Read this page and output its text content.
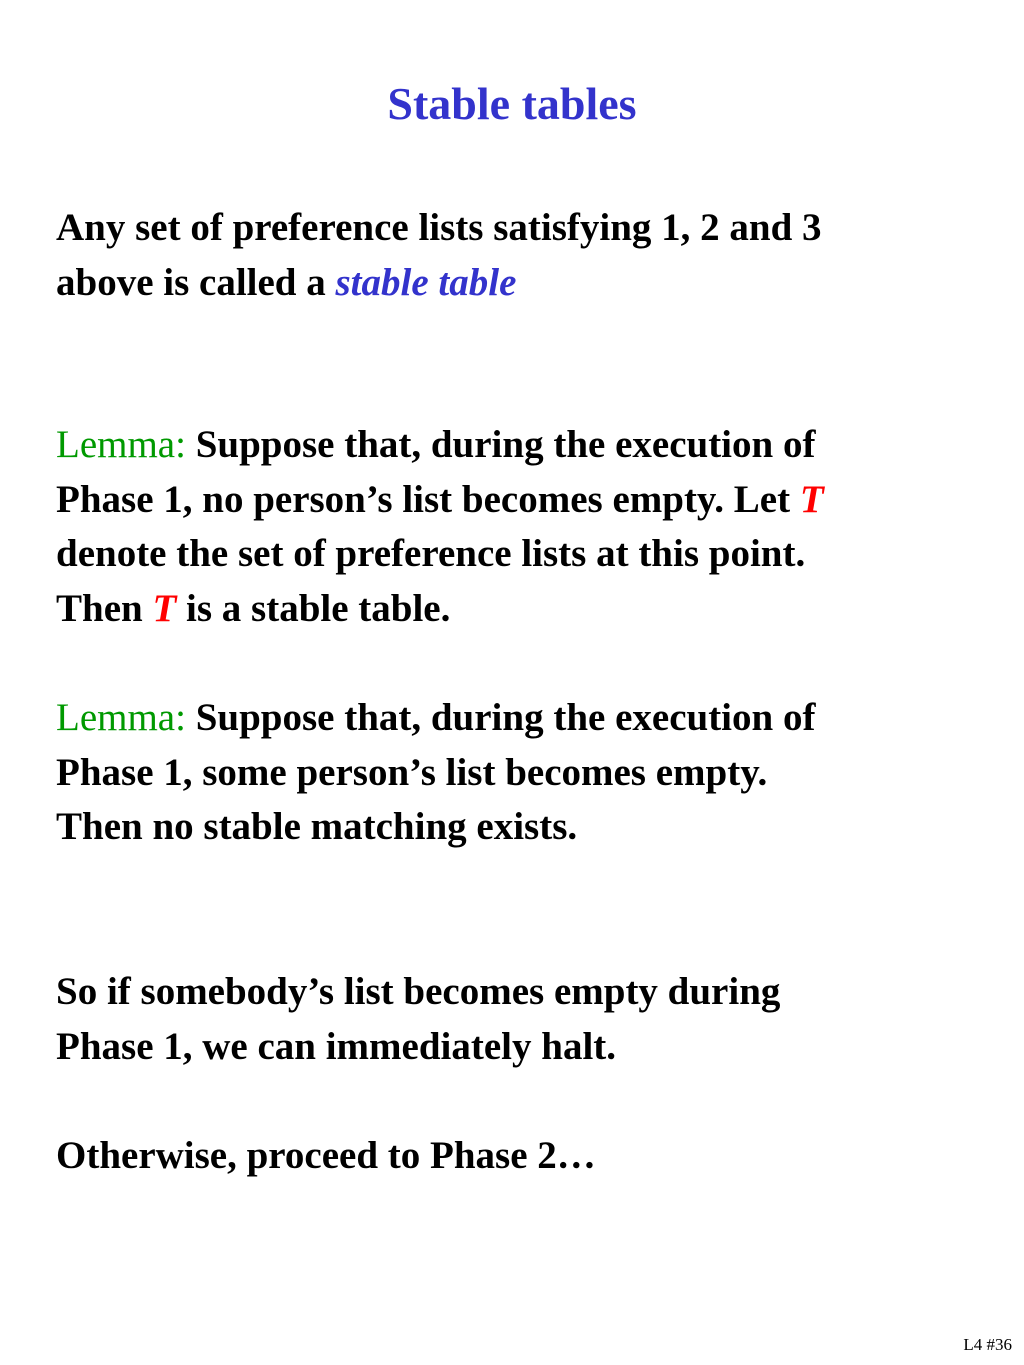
Stable tables

Any set of preference lists satisfying 1, 2 and 3
above is called a stable table

Lemma: Suppose that, during the execution of
Phase 1, no person’s list becomes empty. Let T
denote the set of preference lists at this point.
Then T is a stable table.

Lemma: Suppose that, during the execution of
Phase 1, some person’s list becomes empty.
Then no stable matching exists.

So if somebody’s list becomes empty during
Phase 1, we can immediately halt.

Otherwise, proceed to Phase 2…

L4 #36
